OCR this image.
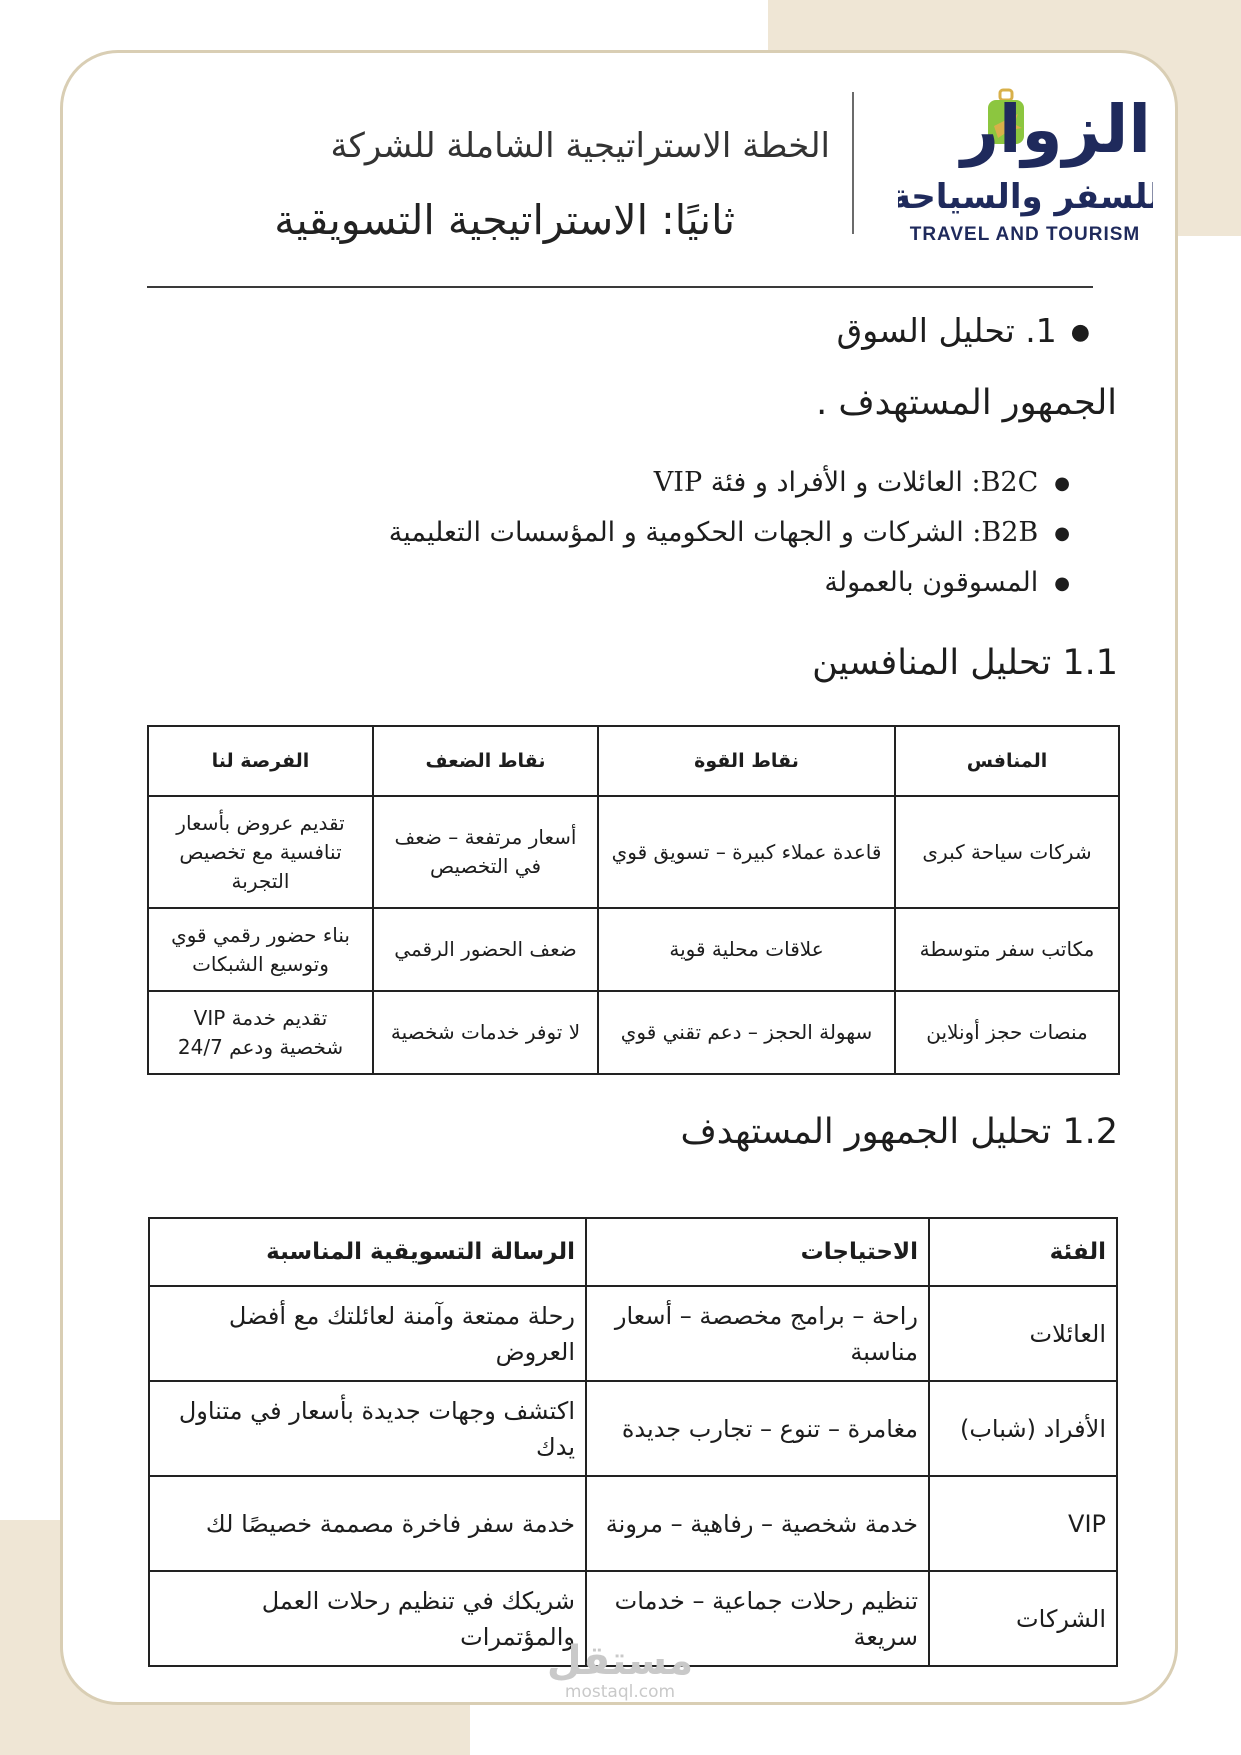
الزوار
للسفر والسياحة
TRAVEL AND TOURISM
الخطة الاستراتيجية الشاملة للشركة
ثانيًا: الاستراتيجية التسويقية
●1. تحليل السوق
الجمهور المستهدف .
●B2C: العائلات و الأفراد و فئة VIP
●B2B: الشركات و الجهات الحكومية و المؤسسات التعليمية
●المسوقون بالعمولة
1.1 تحليل المنافسين
المنافس	نقاط القوة	نقاط الضعف	الفرصة لنا
شركات سياحة كبرى	قاعدة عملاء كبيرة – تسويق قوي	أسعار مرتفعة – ضعف في التخصيص	تقديم عروض بأسعار تنافسية مع تخصيص التجربة
مكاتب سفر متوسطة	علاقات محلية قوية	ضعف الحضور الرقمي	بناء حضور رقمي قوي وتوسيع الشبكات
منصات حجز أونلاين	سهولة الحجز – دعم تقني قوي	لا توفر خدمات شخصية	تقديم خدمة VIP شخصية ودعم 24/7
1.2 تحليل الجمهور المستهدف
الفئة	الاحتياجات	الرسالة التسويقية المناسبة
العائلات	راحة – برامج مخصصة – أسعار مناسبة	رحلة ممتعة وآمنة لعائلتك مع أفضل العروض
الأفراد (شباب)	مغامرة – تنوع – تجارب جديدة	اكتشف وجهات جديدة بأسعار في متناول يدك
VIP	خدمة شخصية – رفاهية – مرونة	خدمة سفر فاخرة مصممة خصيصًا لك
الشركات	تنظيم رحلات جماعية – خدمات سريعة	شريكك في تنظيم رحلات العمل والمؤتمرات
مستقل
mostaql.com
